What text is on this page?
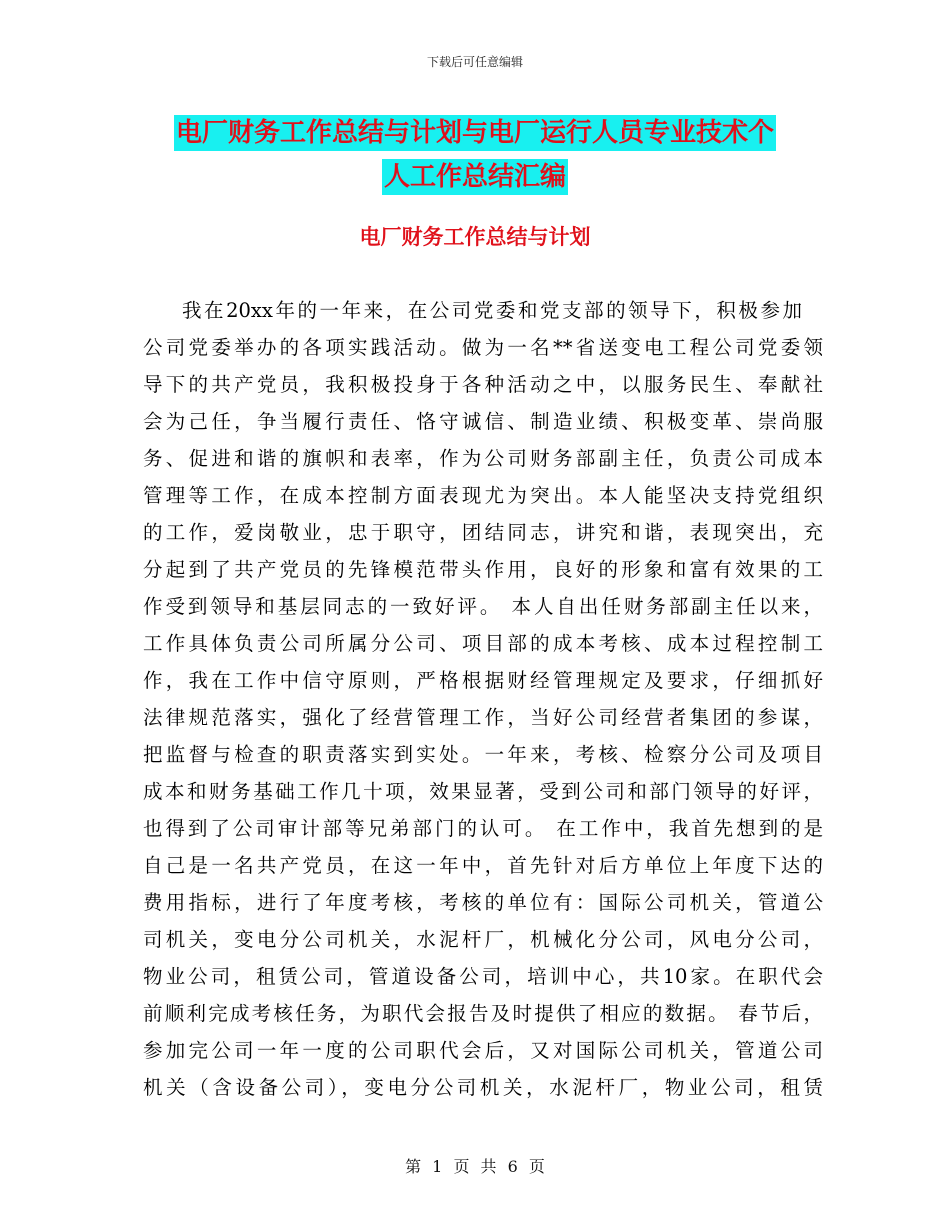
下载后可任意编辑
电厂财务工作总结与计划与电厂运行人员专业技术个
人工作总结汇编
电厂财务工作总结与计划
我在20xx年的一年来，在公司党委和党支部的领导下，积极参加
公司党委举办的各项实践活动。做为一名**省送变电工程公司党委领
导下的共产党员，我积极投身于各种活动之中，以服务民生、奉献社
会为己任，争当履行责任、恪守诚信、制造业绩、积极变革、崇尚服
务、促进和谐的旗帜和表率，作为公司财务部副主任，负责公司成本
管理等工作，在成本控制方面表现尤为突出。本人能坚决支持党组织
的工作，爱岗敬业，忠于职守，团结同志，讲究和谐，表现突出，充
分起到了共产党员的先锋模范带头作用，良好的形象和富有效果的工
作受到领导和基层同志的一致好评。 本人自出任财务部副主任以来，
工作具体负责公司所属分公司、项目部的成本考核、成本过程控制工
作，我在工作中信守原则，严格根据财经管理规定及要求，仔细抓好
法律规范落实，强化了经营管理工作，当好公司经营者集团的参谋，
把监督与检查的职责落实到实处。一年来，考核、检察分公司及项目
成本和财务基础工作几十项，效果显著，受到公司和部门领导的好评，
也得到了公司审计部等兄弟部门的认可。 在工作中，我首先想到的是
自己是一名共产党员，在这一年中，首先针对后方单位上年度下达的
费用指标，进行了年度考核，考核的单位有：国际公司机关，管道公
司机关，变电分公司机关，水泥杆厂，机械化分公司，风电分公司，
物业公司，租赁公司，管道设备公司，培训中心，共10家。在职代会
前顺利完成考核任务，为职代会报告及时提供了相应的数据。 春节后，
参加完公司一年一度的公司职代会后，又对国际公司机关，管道公司
机关（含设备公司），变电分公司机关，水泥杆厂，物业公司，租赁
第 1 页 共 6 页
